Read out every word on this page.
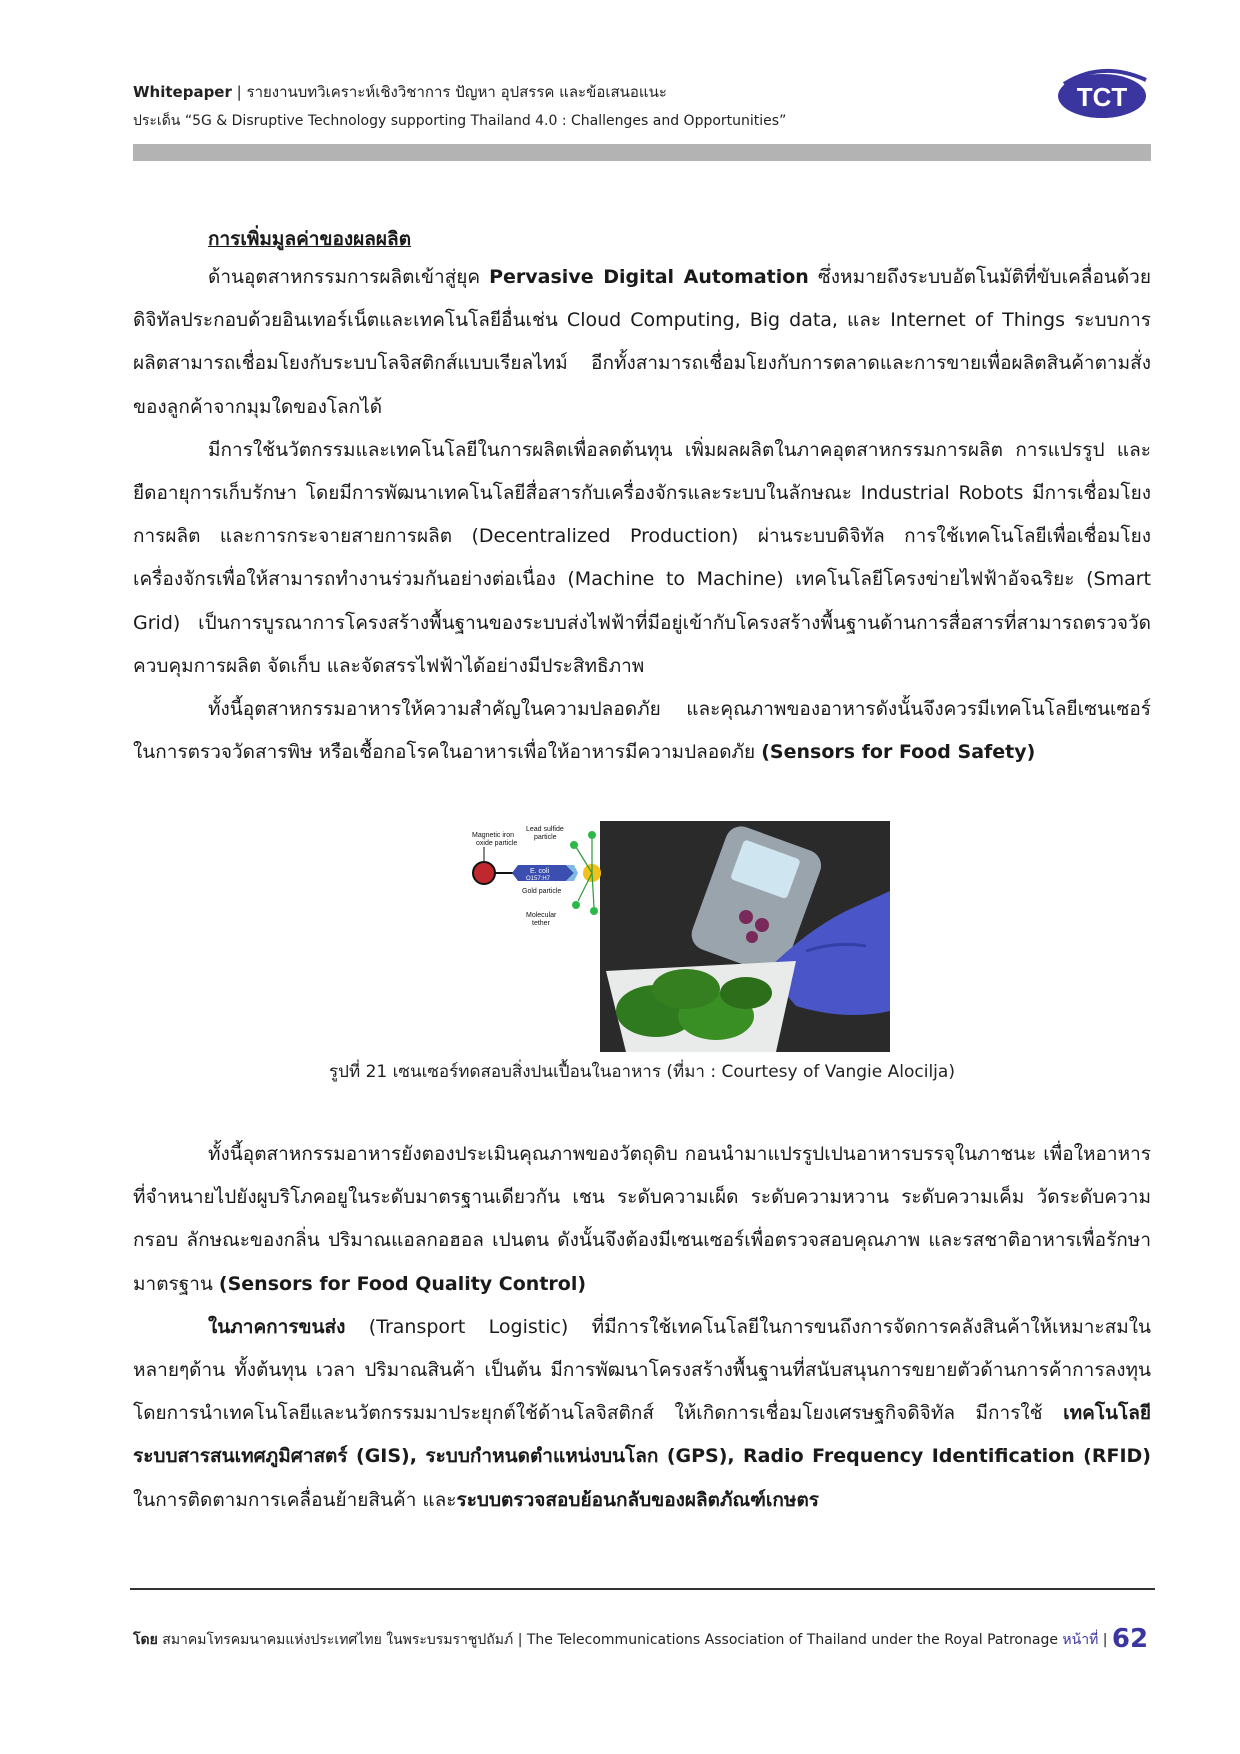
Whitepaper | รายงานบทวิเคราะห์เชิงวิชาการ ปัญหา อุปสรรค และข้อเสนอแนะ
ประเด็น “5G & Disruptive Technology supporting Thailand 4.0 : Challenges and Opportunities”
TCT
การเพิ่มมูลค่าของผลผลิต

ด้านอุตสาหกรรมการผลิตเข้าสู่ยุค Pervasive Digital Automation ซึ่งหมายถึงระบบอัตโนมัติที่ขับเคลื่อนด้วยดิจิทัลประกอบด้วยอินเทอร์เน็ตและเทคโนโลยีอื่นเช่น Cloud Computing, Big data, และ Internet of Things ระบบการผลิตสามารถเชื่อมโยงกับระบบโลจิสติกส์แบบเรียลไทม์ อีกทั้งสามารถเชื่อมโยงกับการตลาดและการขายเพื่อผลิตสินค้าตามสั่งของลูกค้าจากมุมใดของโลกได้

มีการใช้นวัตกรรมและเทคโนโลยีในการผลิตเพื่อลดต้นทุน เพิ่มผลผลิตในภาคอุตสาหกรรมการผลิต การแปรรูป และยืดอายุการเก็บรักษา โดยมีการพัฒนาเทคโนโลยีสื่อสารกับเครื่องจักรและระบบในลักษณะ Industrial Robots มีการเชื่อมโยงการผลิต และการกระจายสายการผลิต (Decentralized Production) ผ่านระบบดิจิทัล การใช้เทคโนโลยีเพื่อเชื่อมโยงเครื่องจักรเพื่อให้สามารถทำงานร่วมกันอย่างต่อเนื่อง (Machine to Machine) เทคโนโลยีโครงข่ายไฟฟ้าอัจฉริยะ (Smart Grid) เป็นการบูรณาการโครงสร้างพื้นฐานของระบบส่งไฟฟ้าที่มีอยู่เข้ากับโครงสร้างพื้นฐานด้านการสื่อสารที่สามารถตรวจวัด ควบคุมการผลิต จัดเก็บ และจัดสรรไฟฟ้าได้อย่างมีประสิทธิภาพ

ทั้งนี้อุตสาหกรรมอาหารให้ความสำคัญในความปลอดภัย และคุณภาพของอาหารดังนั้นจึงควรมีเทคโนโลยีเซนเซอร์ในการตรวจวัดสารพิษ หรือเชื้อกอโรคในอาหารเพื่อให้อาหารมีความปลอดภัย (Sensors for Food Safety)

Magnetic iron
oxide particle
E. coli
O157:H7
Lead sulfide
particle
Gold particle
Molecular
tether
รูปที่ 21 เซนเซอร์ทดสอบสิ่งปนเปื้อนในอาหาร (ที่มา : Courtesy of Vangie Alocilja)

ทั้งนี้อุตสาหกรรมอาหารยังตองประเมินคุณภาพของวัตถุดิบ กอนนำมาแปรรูปเปนอาหารบรรจุในภาชนะ เพื่อใหอาหารที่จำหนายไปยังผูบริโภคอยูในระดับมาตรฐานเดียวกัน เชน ระดับความเผ็ด ระดับความหวาน ระดับความเค็ม วัดระดับความกรอบ ลักษณะของกลิ่น ปริมาณแอลกอฮอล เปนตน ดังนั้นจึงต้องมีเซนเซอร์เพื่อตรวจสอบคุณภาพ และรสชาติอาหารเพื่อรักษามาตรฐาน (Sensors for Food Quality Control)

ในภาคการขนส่ง (Transport Logistic) ที่มีการใช้เทคโนโลยีในการขนถึงการจัดการคลังสินค้าให้เหมาะสมในหลายๆด้าน ทั้งต้นทุน เวลา ปริมาณสินค้า เป็นต้น มีการพัฒนาโครงสร้างพื้นฐานที่สนับสนุนการขยายตัวด้านการค้าการลงทุนโดยการนำเทคโนโลยีและนวัตกรรมมาประยุกต์ใช้ด้านโลจิสติกส์ ให้เกิดการเชื่อมโยงเศรษฐกิจดิจิทัล มีการใช้ เทคโนโลยีระบบสารสนเทศภูมิศาสตร์ (GIS), ระบบกำหนดตำแหน่งบนโลก (GPS), Radio Frequency Identification (RFID) ในการติดตามการเคลื่อนย้ายสินค้า และระบบตรวจสอบย้อนกลับของผลิตภัณฑ์เกษตร

โดย สมาคมโทรคมนาคมแห่งประเทศไทย ในพระบรมราชูปถัมภ์ | The Telecommunications Association of Thailand under the Royal Patronage หน้าที่ | 62
